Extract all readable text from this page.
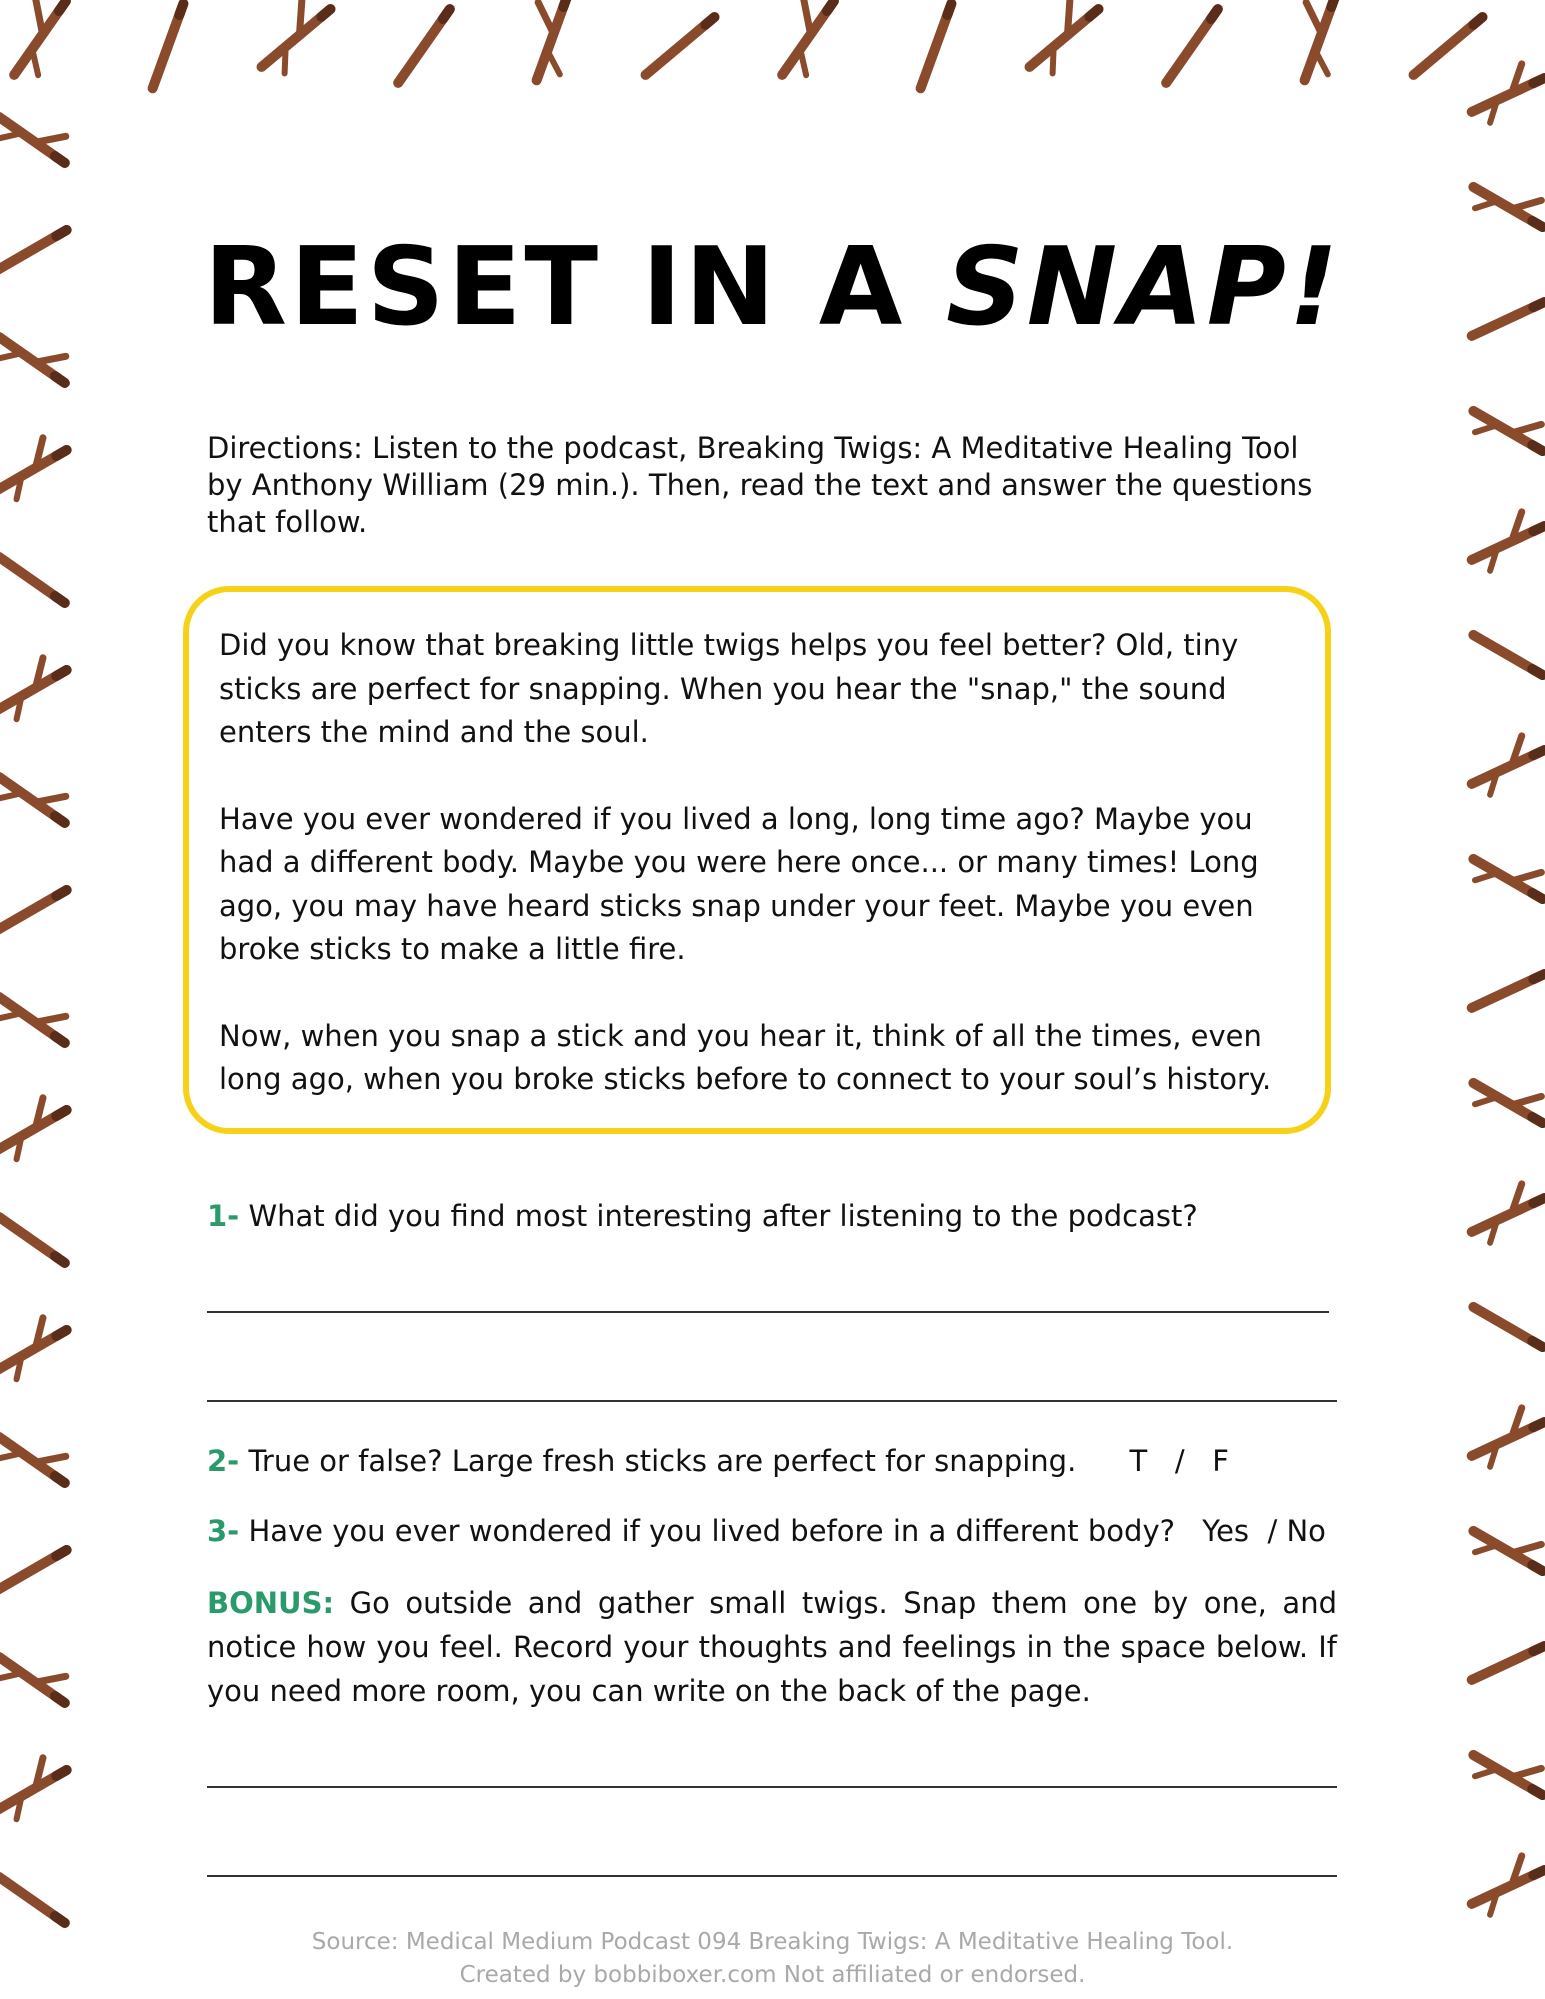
RESET IN A SNAP!

Directions: Listen to the podcast, Breaking Twigs: A Meditative Healing Tool by Anthony William (29 min.). Then, read the text and answer the questions that follow.

Did you know that breaking little twigs helps you feel better? Old, tiny sticks are perfect for snapping. When you hear the "snap," the sound enters the mind and the soul.

Have you ever wondered if you lived a long, long time ago? Maybe you had a different body. Maybe you were here once... or many times! Long ago, you may have heard sticks snap under your feet. Maybe you even broke sticks to make a little fire.

Now, when you snap a stick and you hear it, think of all the times, even long ago, when you broke sticks before to connect to your soul’s history.

1- What did you find most interesting after listening to the podcast?

2- True or false? Large fresh sticks are perfect for snapping. T   /   F

3- Have you ever wondered if you lived before in a different body? Yes  / No

BONUS: Go outside and gather small twigs. Snap them one by one, and notice how you feel. Record your thoughts and feelings in the space below. If you need more room, you can write on the back of the page.

Source: Medical Medium Podcast 094 Breaking Twigs: A Meditative Healing Tool.

Created by bobbiboxer.com Not affiliated or endorsed.
